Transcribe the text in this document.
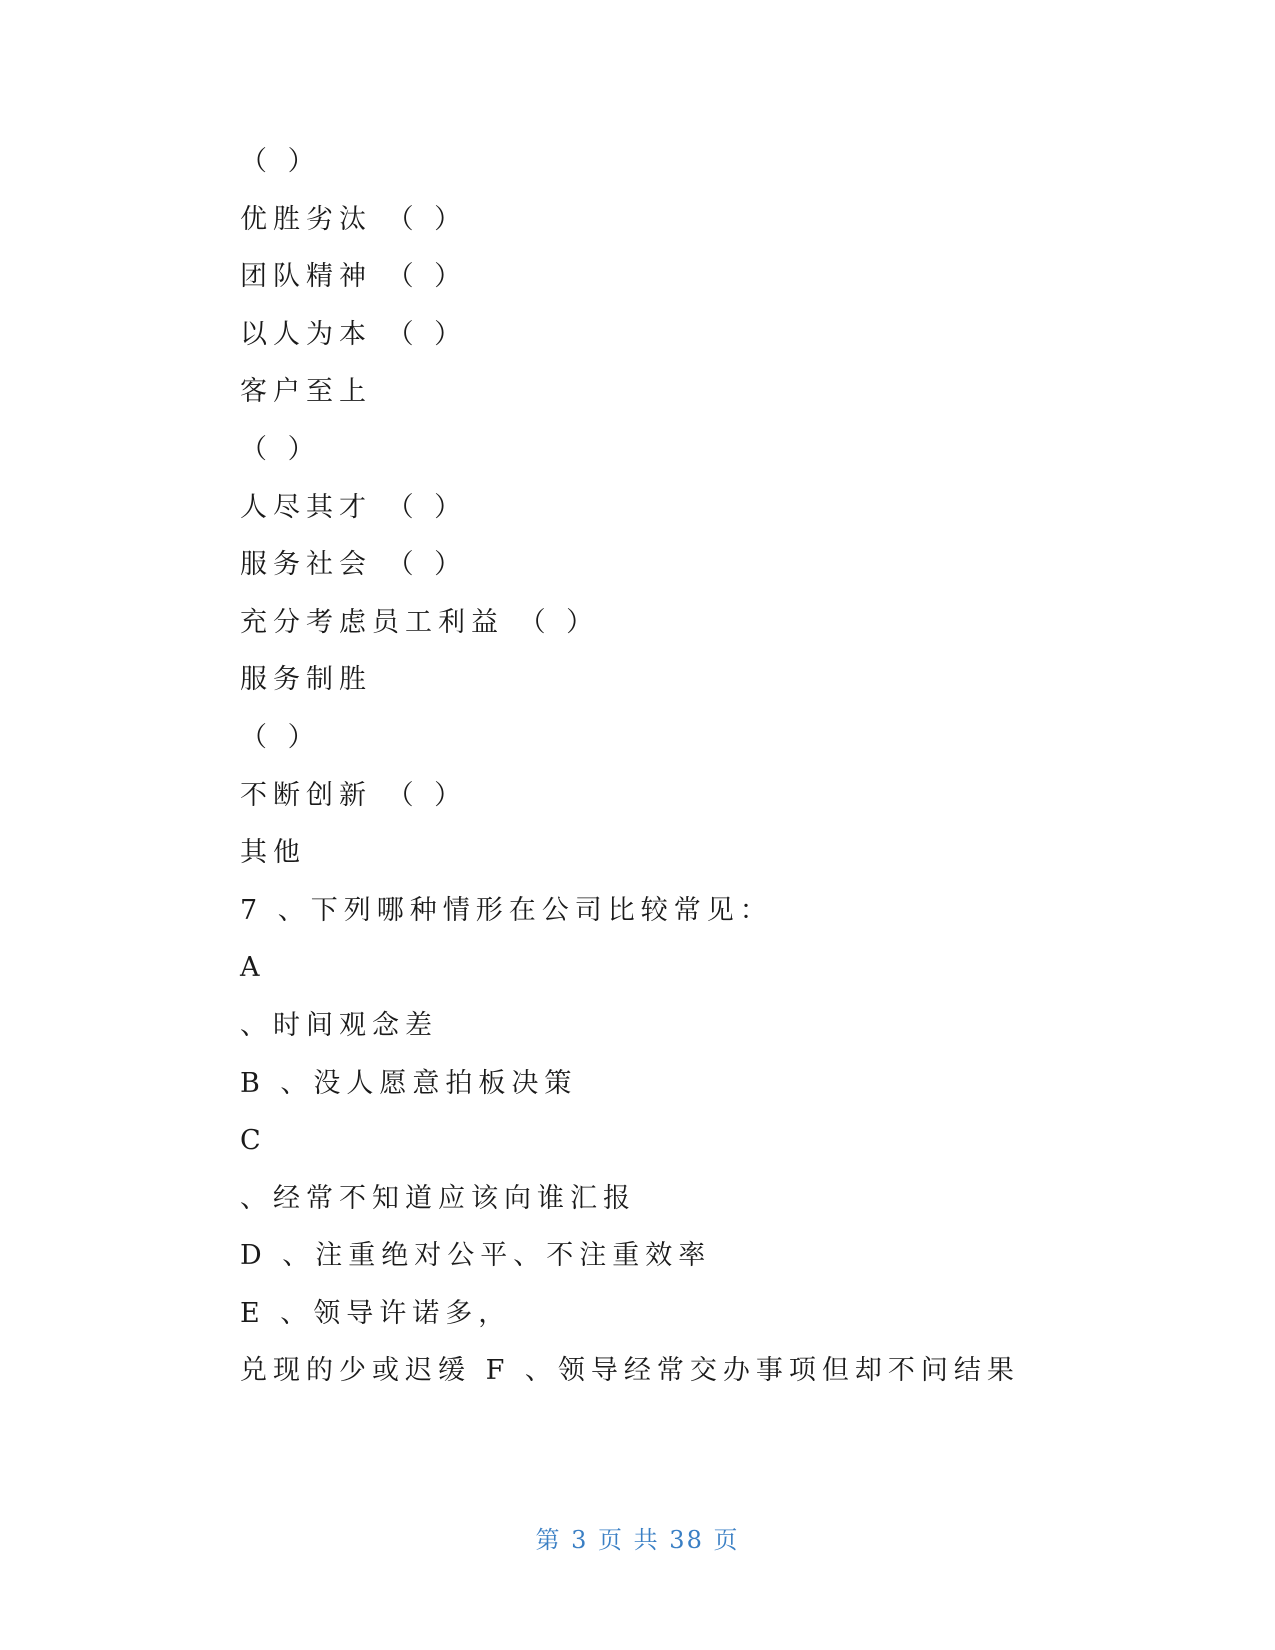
（ ）
优胜劣汰 （ ）
团队精神 （ ）
以人为本 （ ）
客户至上
（ ）
人尽其才 （ ）
服务社会 （ ）
充分考虑员工利益 （ ）
服务制胜
（ ）
不断创新 （ ）
其他
7 、下列哪种情形在公司比较常见：
A
、时间观念差
B 、没人愿意拍板决策
C
、经常不知道应该向谁汇报
D 、注重绝对公平、不注重效率
E 、领导许诺多，
兑现的少或迟缓 F 、领导经常交办事项但却不问结果
第 3 页 共 38 页
